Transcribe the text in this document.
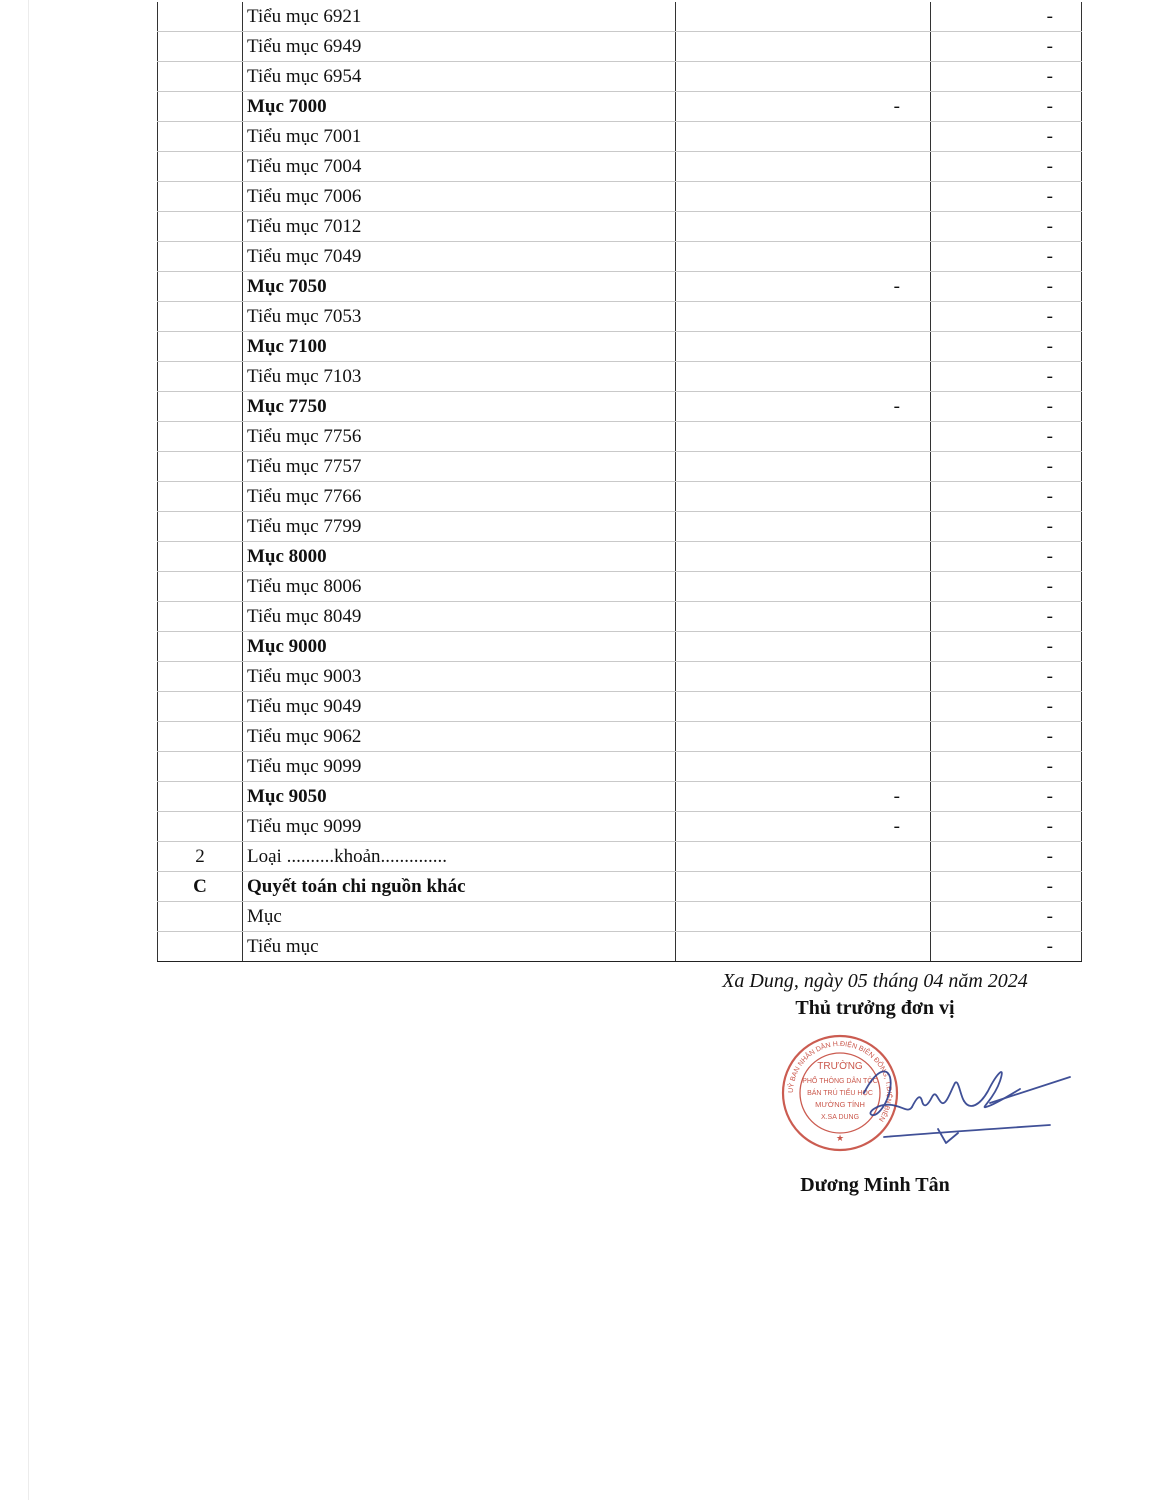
	Tiểu mục 6921		-
	Tiểu mục 6949		-
	Tiểu mục 6954		-
	Mục 7000	-	-
	Tiểu mục 7001		-
	Tiểu mục 7004		-
	Tiểu mục 7006		-
	Tiểu mục 7012		-
	Tiểu mục 7049		-
	Mục 7050	-	-
	Tiểu mục 7053		-
	Mục 7100		-
	Tiểu mục 7103		-
	Mục 7750	-	-
	Tiểu mục 7756		-
	Tiểu mục 7757		-
	Tiểu mục 7766		-
	Tiểu mục 7799		-
	Mục 8000		-
	Tiểu mục 8006		-
	Tiểu mục 8049		-
	Mục 9000		-
	Tiểu mục 9003		-
	Tiểu mục 9049		-
	Tiểu mục 9062		-
	Tiểu mục 9099		-
	Mục 9050	-	-
	Tiểu mục 9099	-	-
2	Loại ..........khoản..............		-
C	Quyết toán chi nguồn khác		-
	Mục		-
	Tiểu mục		-
Xa Dung, ngày 05 tháng 04 năm 2024
Thủ trưởng đơn vị
UỶ BAN NHÂN DÂN H.ĐIỆN BIÊN ĐÔNG, T.ĐIỆN BIÊN
TRƯỜNG
PHỔ THÔNG DÂN TỘC
BÁN TRÚ TIỂU HỌC
MƯỜNG TÍNH
X.SA DUNG
★
Dương Minh Tân
